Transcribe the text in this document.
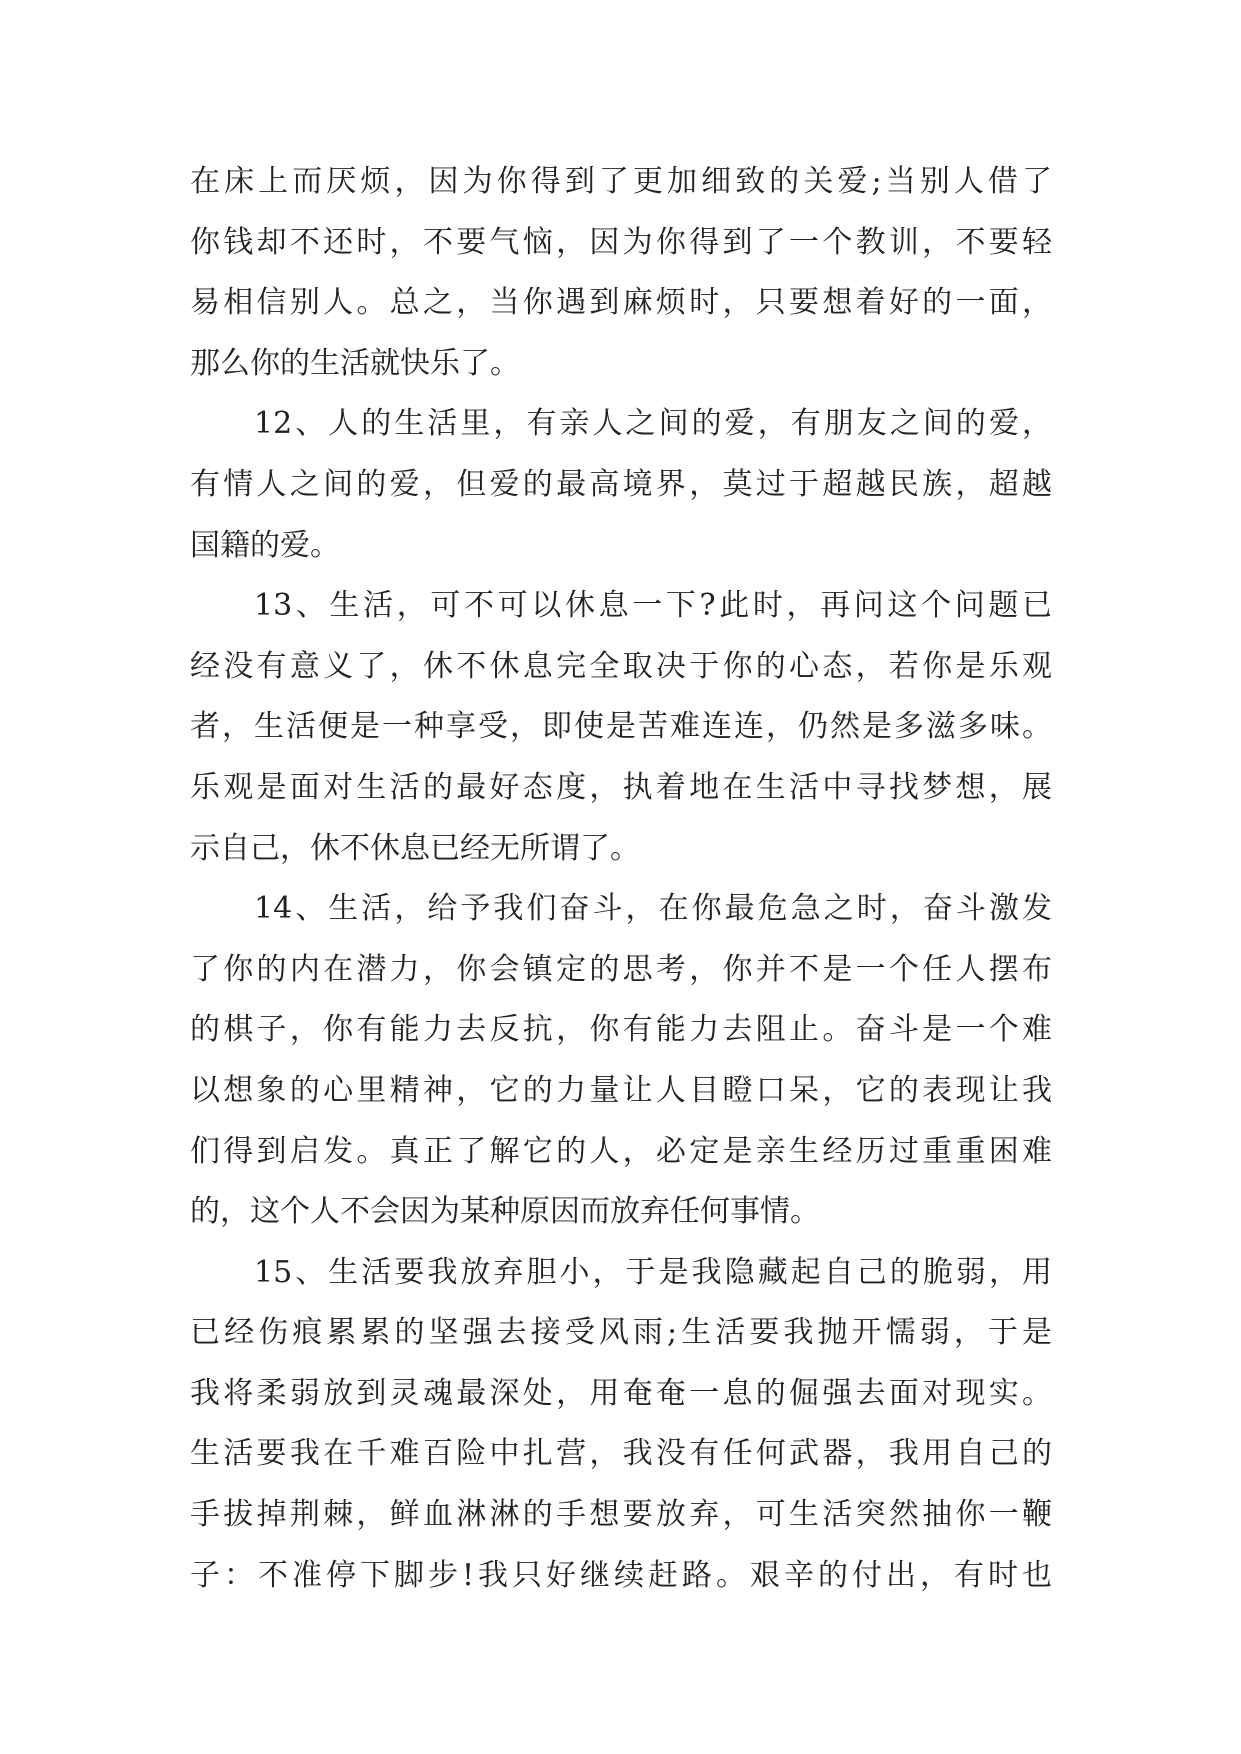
在床上而厌烦，因为你得到了更加细致的关爱;当别人借了
你钱却不还时，不要气恼，因为你得到了一个教训，不要轻
易相信别人。总之，当你遇到麻烦时，只要想着好的一面，
那么你的生活就快乐了。
12、人的生活里，有亲人之间的爱，有朋友之间的爱，
有情人之间的爱，但爱的最高境界，莫过于超越民族，超越
国籍的爱。
13、生活，可不可以休息一下?此时，再问这个问题已
经没有意义了，休不休息完全取决于你的心态，若你是乐观
者，生活便是一种享受，即使是苦难连连，仍然是多滋多味。
乐观是面对生活的最好态度，执着地在生活中寻找梦想，展
示自己，休不休息已经无所谓了。
14、生活，给予我们奋斗，在你最危急之时，奋斗激发
了你的内在潜力，你会镇定的思考，你并不是一个任人摆布
的棋子，你有能力去反抗，你有能力去阻止。奋斗是一个难
以想象的心里精神，它的力量让人目瞪口呆，它的表现让我
们得到启发。真正了解它的人，必定是亲生经历过重重困难
的，这个人不会因为某种原因而放弃任何事情。
15、生活要我放弃胆小，于是我隐藏起自己的脆弱，用
已经伤痕累累的坚强去接受风雨;生活要我抛开懦弱，于是
我将柔弱放到灵魂最深处，用奄奄一息的倔强去面对现实。
生活要我在千难百险中扎营，我没有任何武器，我用自己的
手拔掉荆棘，鲜血淋淋的手想要放弃，可生活突然抽你一鞭
子：不准停下脚步!我只好继续赶路。艰辛的付出，有时也
